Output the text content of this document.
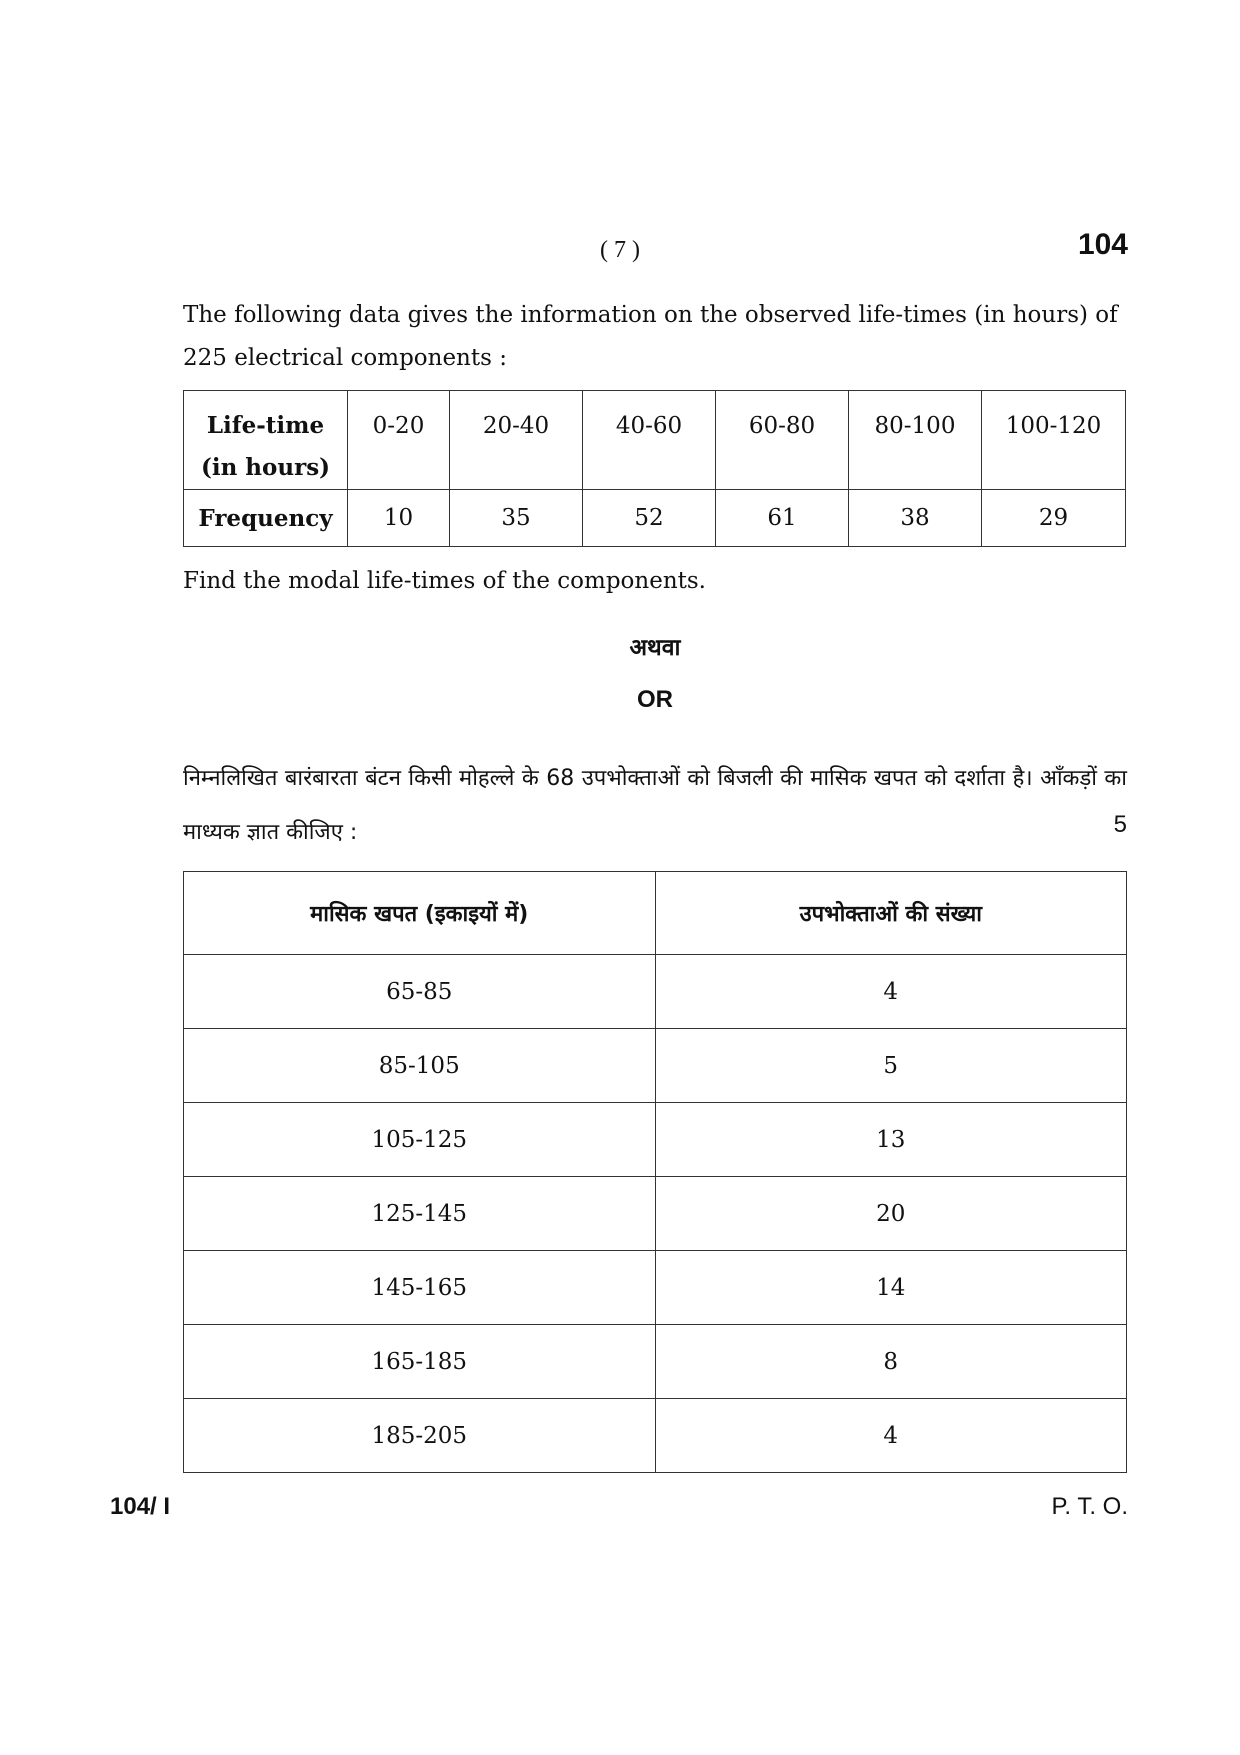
( 7 )	104
The following data gives the information on the observed life-times (in hours) of 225 electrical components :
Life-time
(in hours)	0-20	20-40	40-60	60-80	80-100	100-120
Frequency	10	35	52	61	38	29
Find the modal life-times of the components.
अथवा
OR
निम्नलिखित बारंबारता बंटन किसी मोहल्ले के 68 उपभोक्ताओं को बिजली की मासिक खपत को दर्शाता है। आँकड़ों का माध्यक ज्ञात कीजिए :	5
मासिक खपत (इकाइयों में)	उपभोक्ताओं की संख्या
65-85	4
85-105	5
105-125	13
125-145	20
145-165	14
165-185	8
185-205	4
104/ I	P. T. O.
